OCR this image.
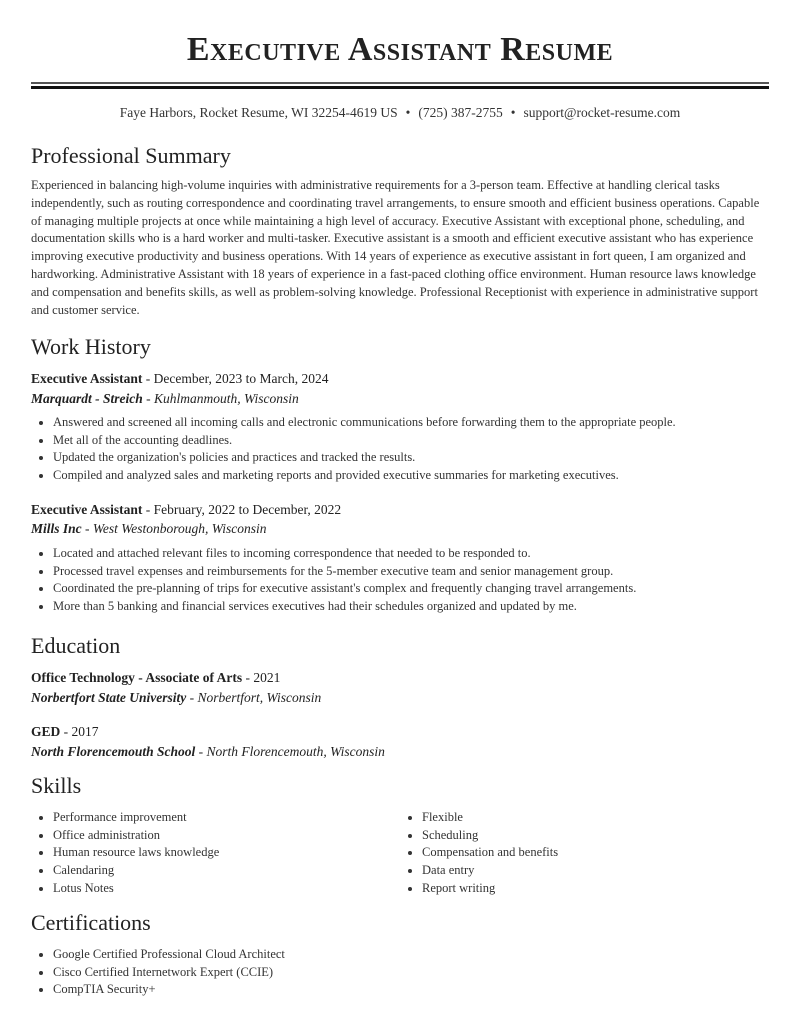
Executive Assistant Resume
Faye Harbors, Rocket Resume, WI 32254-4619 US • (725) 387-2755 • support@rocket-resume.com
Professional Summary

Experienced in balancing high-volume inquiries with administrative requirements for a 3-person team. Effective at handling clerical tasks independently, such as routing correspondence and coordinating travel arrangements, to ensure smooth and efficient business operations. Capable of managing multiple projects at once while maintaining a high level of accuracy. Executive Assistant with exceptional phone, scheduling, and documentation skills who is a hard worker and multi-tasker. Executive assistant is a smooth and efficient executive assistant who has experience improving executive productivity and business operations. With 14 years of experience as executive assistant in fort queen, I am organized and hardworking. Administrative Assistant with 18 years of experience in a fast-paced clothing office environment. Human resource laws knowledge and compensation and benefits skills, as well as problem-solving knowledge. Professional Receptionist with experience in administrative support and customer service.

Work History
Executive Assistant - December, 2023 to March, 2024
Marquardt - Streich - Kuhlmanmouth, Wisconsin
• Answered and screened all incoming calls and electronic communications before forwarding them to the appropriate people.
• Met all of the accounting deadlines.
• Updated the organization's policies and practices and tracked the results.
• Compiled and analyzed sales and marketing reports and provided executive summaries for marketing executives.
Executive Assistant - February, 2022 to December, 2022
Mills Inc - West Westonborough, Wisconsin
• Located and attached relevant files to incoming correspondence that needed to be responded to.
• Processed travel expenses and reimbursements for the 5-member executive team and senior management group.
• Coordinated the pre-planning of trips for executive assistant's complex and frequently changing travel arrangements.
• More than 5 banking and financial services executives had their schedules organized and updated by me.
Education
Office Technology - Associate of Arts - 2021
Norbertfort State University - Norbertfort, Wisconsin
GED - 2017
North Florencemouth School - North Florencemouth, Wisconsin
Skills
• Performance improvement
• Office administration
• Human resource laws knowledge
• Calendaring
• Lotus Notes
• Flexible
• Scheduling
• Compensation and benefits
• Data entry
• Report writing
Certifications
• Google Certified Professional Cloud Architect
• Cisco Certified Internetwork Expert (CCIE)
• CompTIA Security+
